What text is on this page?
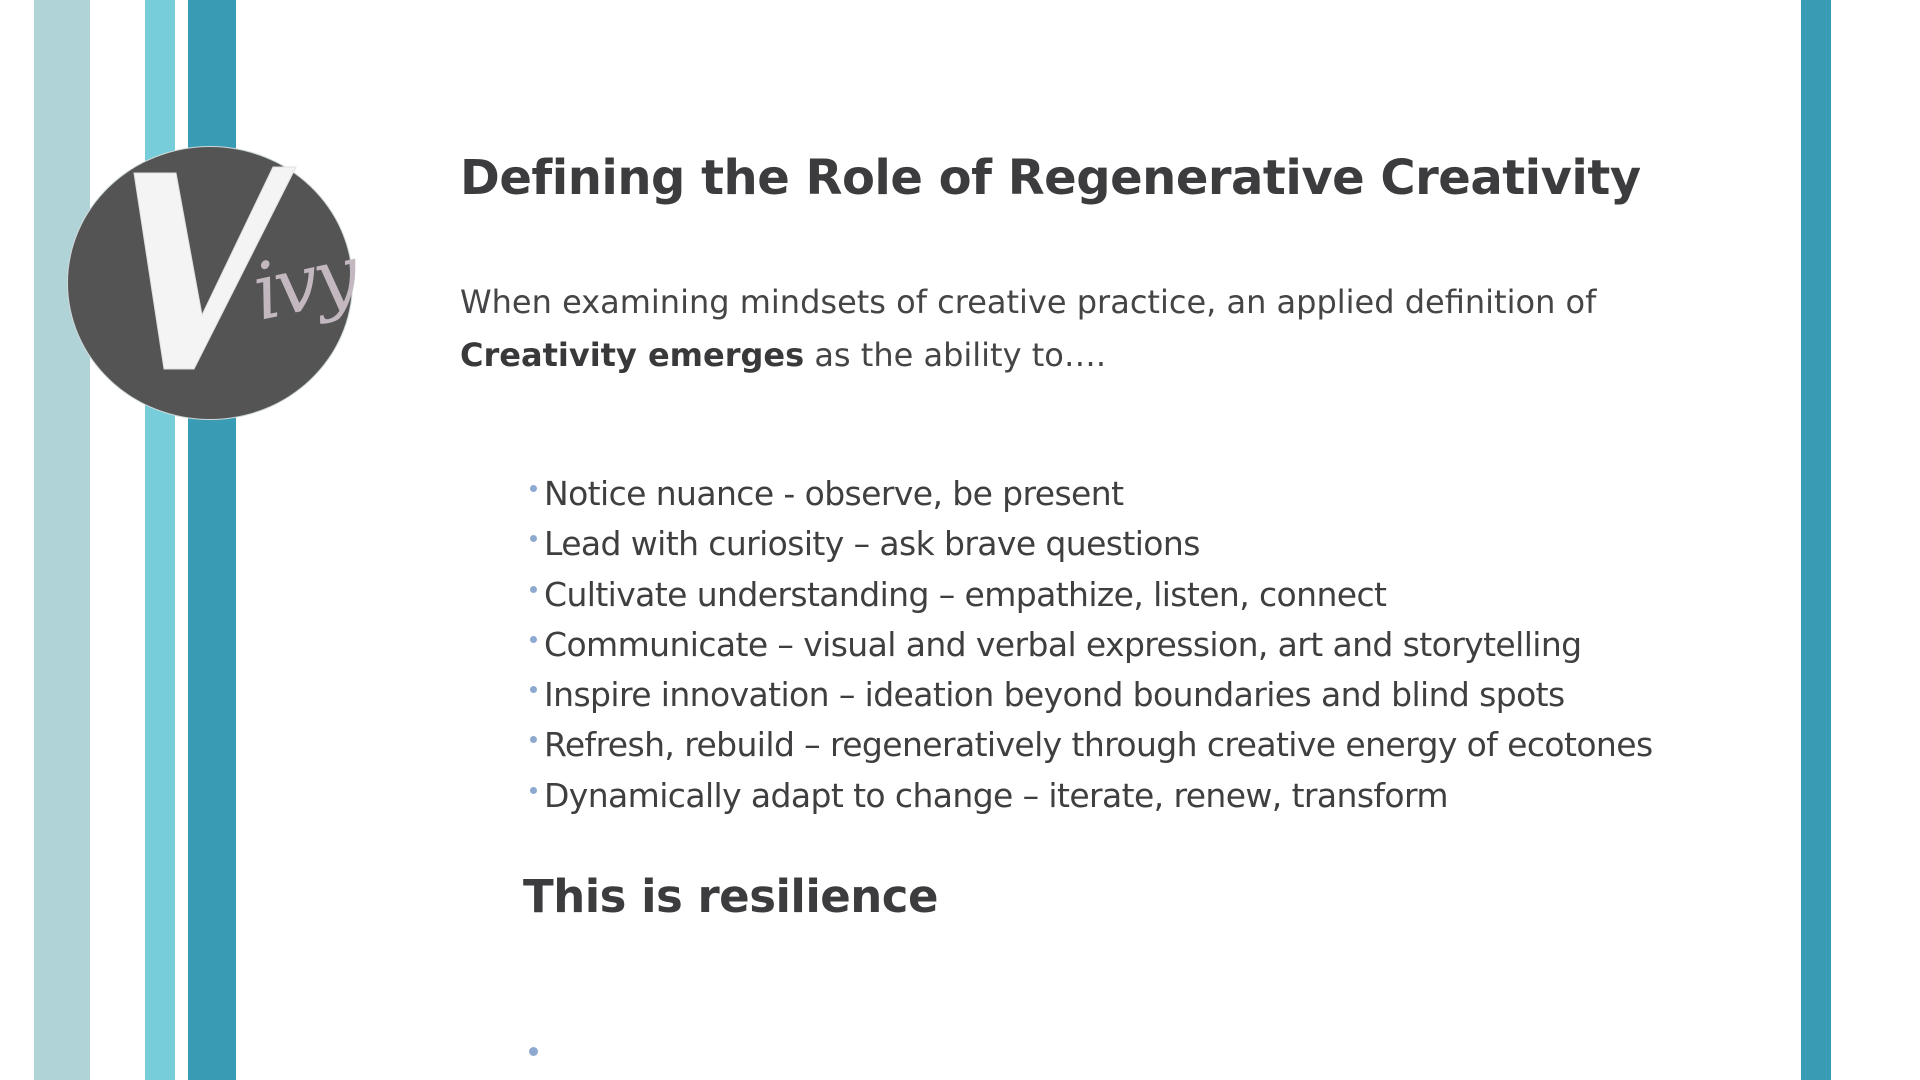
ivy
Defining the Role of Regenerative Creativity

When examining mindsets of creative practice, an applied definition of Creativity emerges as the ability to….

Notice nuance - observe, be present
Lead with curiosity – ask brave questions
Cultivate understanding – empathize, listen, connect
Communicate – visual and verbal expression, art and storytelling
Inspire innovation – ideation beyond boundaries and blind spots
Refresh, rebuild – regeneratively through creative energy of ecotones
Dynamically adapt to change – iterate, renew, transform
This is resilience
